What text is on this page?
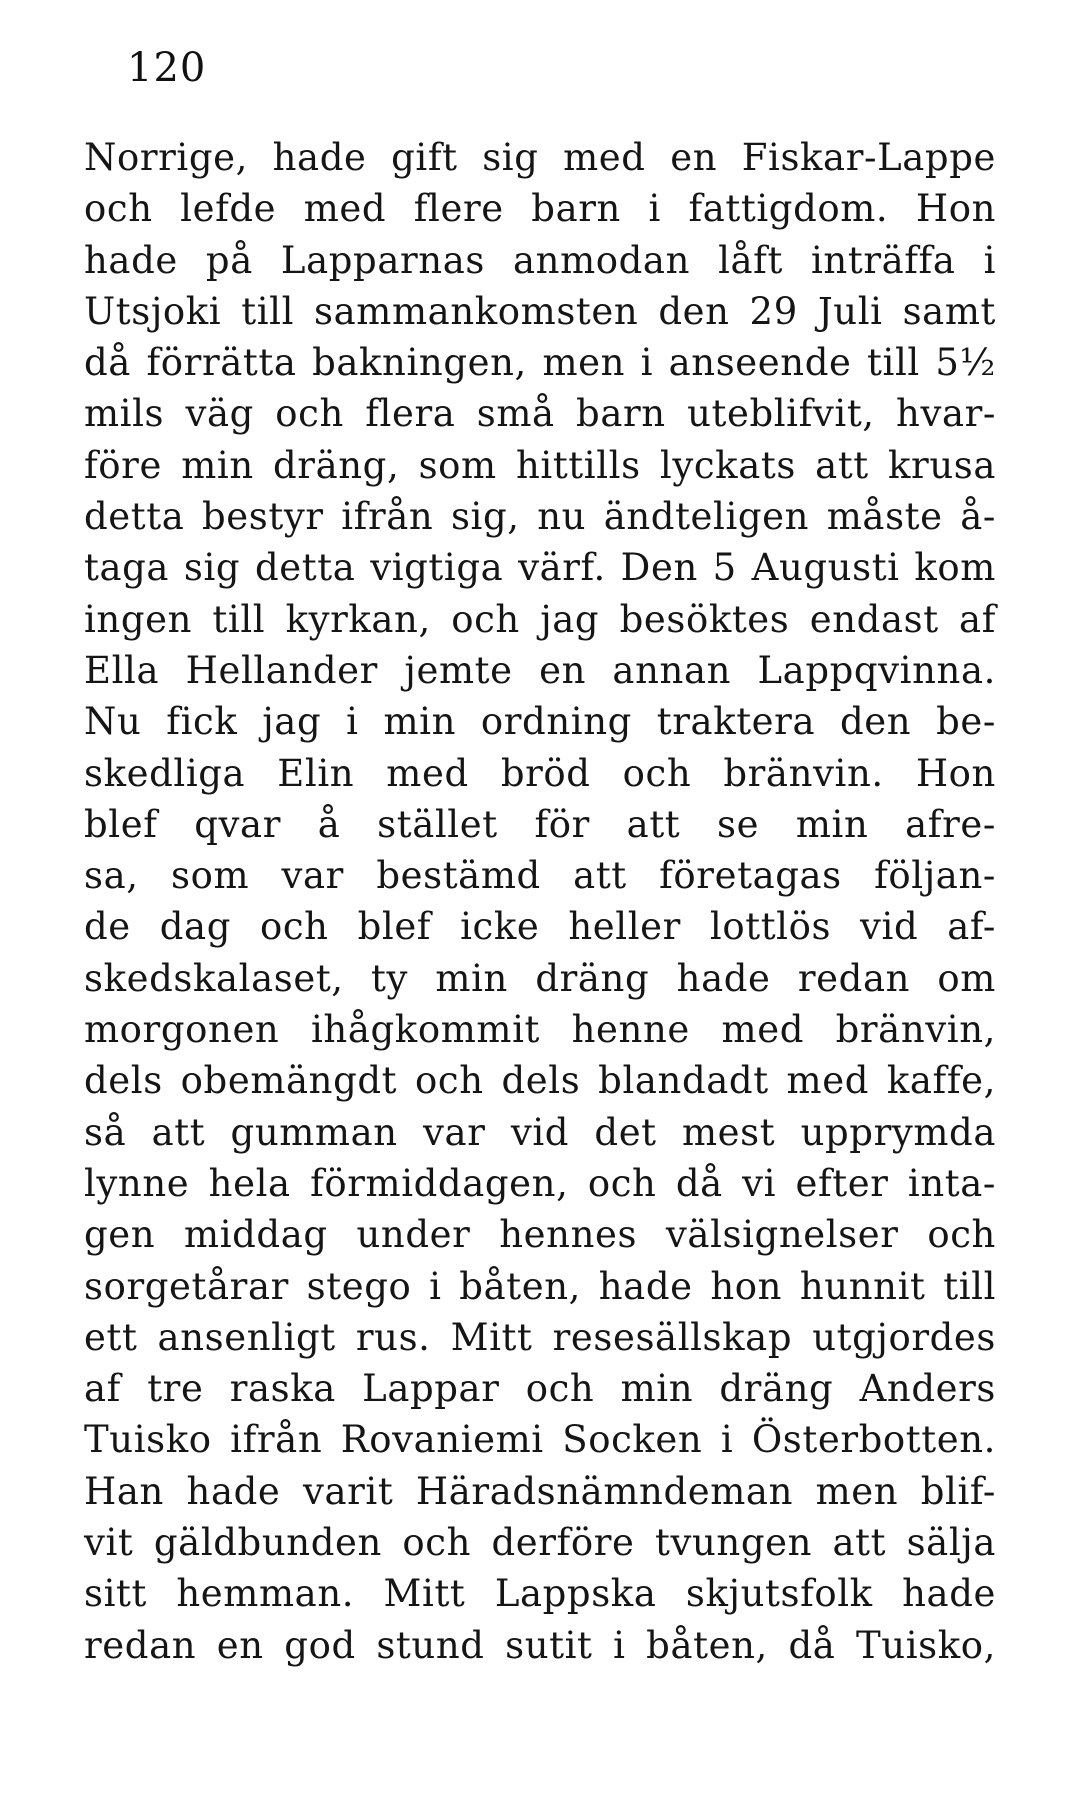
120
Norrige, hade gift sig med en Fiskar-Lappe
och lefde med flere barn i fattigdom. Hon
hade på Lapparnas anmodan låft inträffa i
Utsjoki till sammankomsten den 29 Juli samt
då förrätta bakningen, men i anseende till 5½
mils väg och flera små barn uteblifvit, hvar-
före min dräng, som hittills lyckats att krusa
detta bestyr ifrån sig, nu ändteligen måste å-
taga sig detta vigtiga värf. Den 5 Augusti kom
ingen till kyrkan, och jag besöktes endast af
Ella Hellander jemte en annan Lappqvinna.
Nu fick jag i min ordning traktera den be-
skedliga Elin med bröd och bränvin. Hon
blef qvar å stället för att se min afre-
sa, som var bestämd att företagas följan-
de dag och blef icke heller lottlös vid af-
skedskalaset, ty min dräng hade redan om
morgonen ihågkommit henne med bränvin,
dels obemängdt och dels blandadt med kaffe,
så att gumman var vid det mest upprymda
lynne hela förmiddagen, och då vi efter inta-
gen middag under hennes välsignelser och
sorgetårar stego i båten, hade hon hunnit till
ett ansenligt rus. Mitt resesällskap utgjordes
af tre raska Lappar och min dräng Anders
Tuisko ifrån Rovaniemi Socken i Österbotten.
Han hade varit Häradsnämndeman men blif-
vit gäldbunden och derföre tvungen att sälja
sitt hemman. Mitt Lappska skjutsfolk hade
redan en god stund sutit i båten, då Tuisko,
